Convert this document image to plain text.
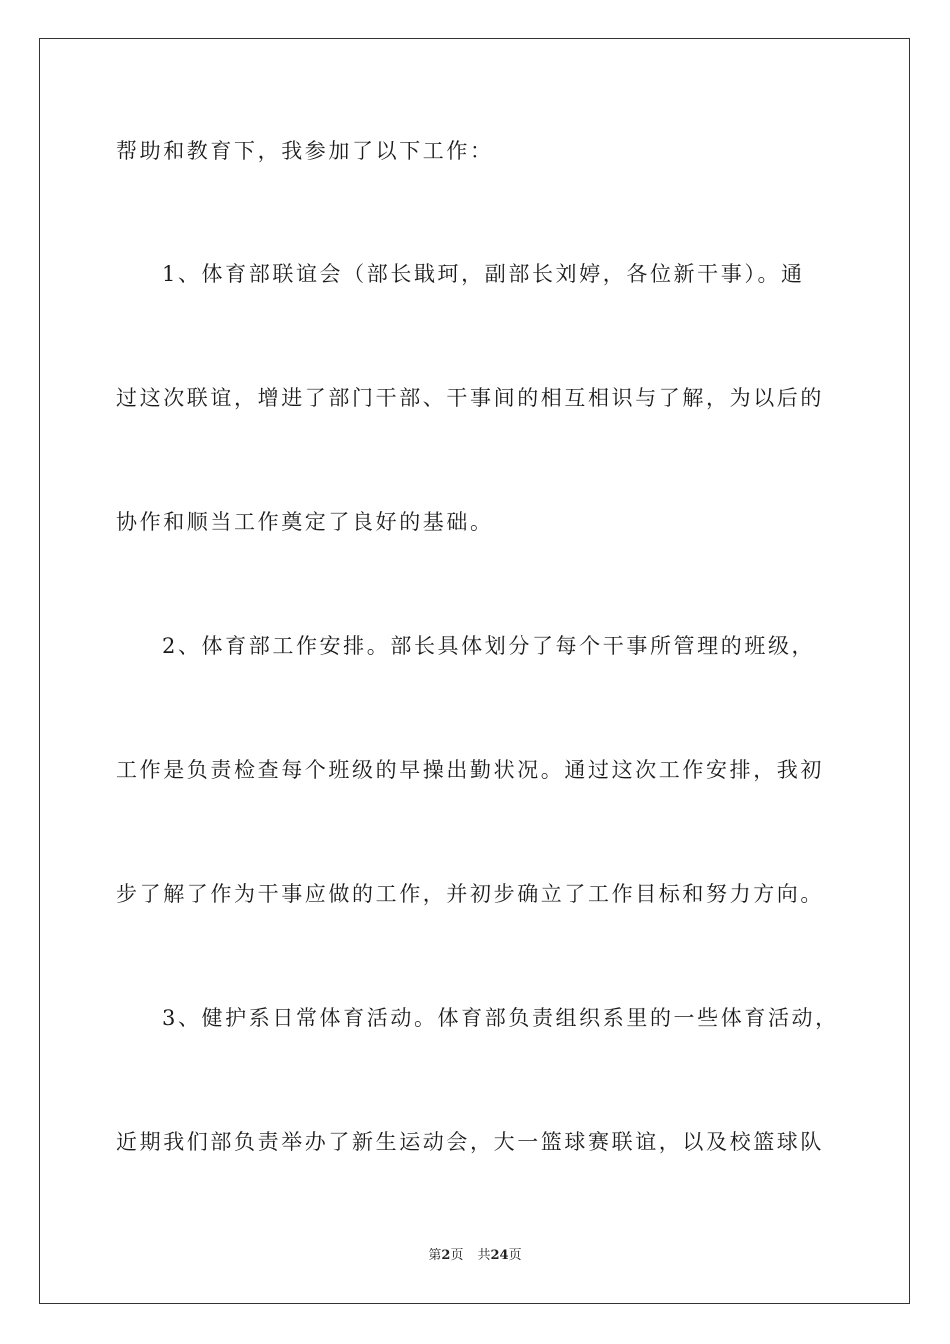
帮助和教育下，我参加了以下工作：
1、体育部联谊会（部长戢珂，副部长刘婷，各位新干事）。通
过这次联谊，增进了部门干部、干事间的相互相识与了解，为以后的
协作和顺当工作奠定了良好的基础。
2、体育部工作安排。部长具体划分了每个干事所管理的班级，
工作是负责检查每个班级的早操出勤状况。通过这次工作安排，我初
步了解了作为干事应做的工作，并初步确立了工作目标和努力方向。
3、健护系日常体育活动。体育部负责组织系里的一些体育活动，
近期我们部负责举办了新生运动会，大一篮球赛联谊，以及校篮球队
第2页 共24页
